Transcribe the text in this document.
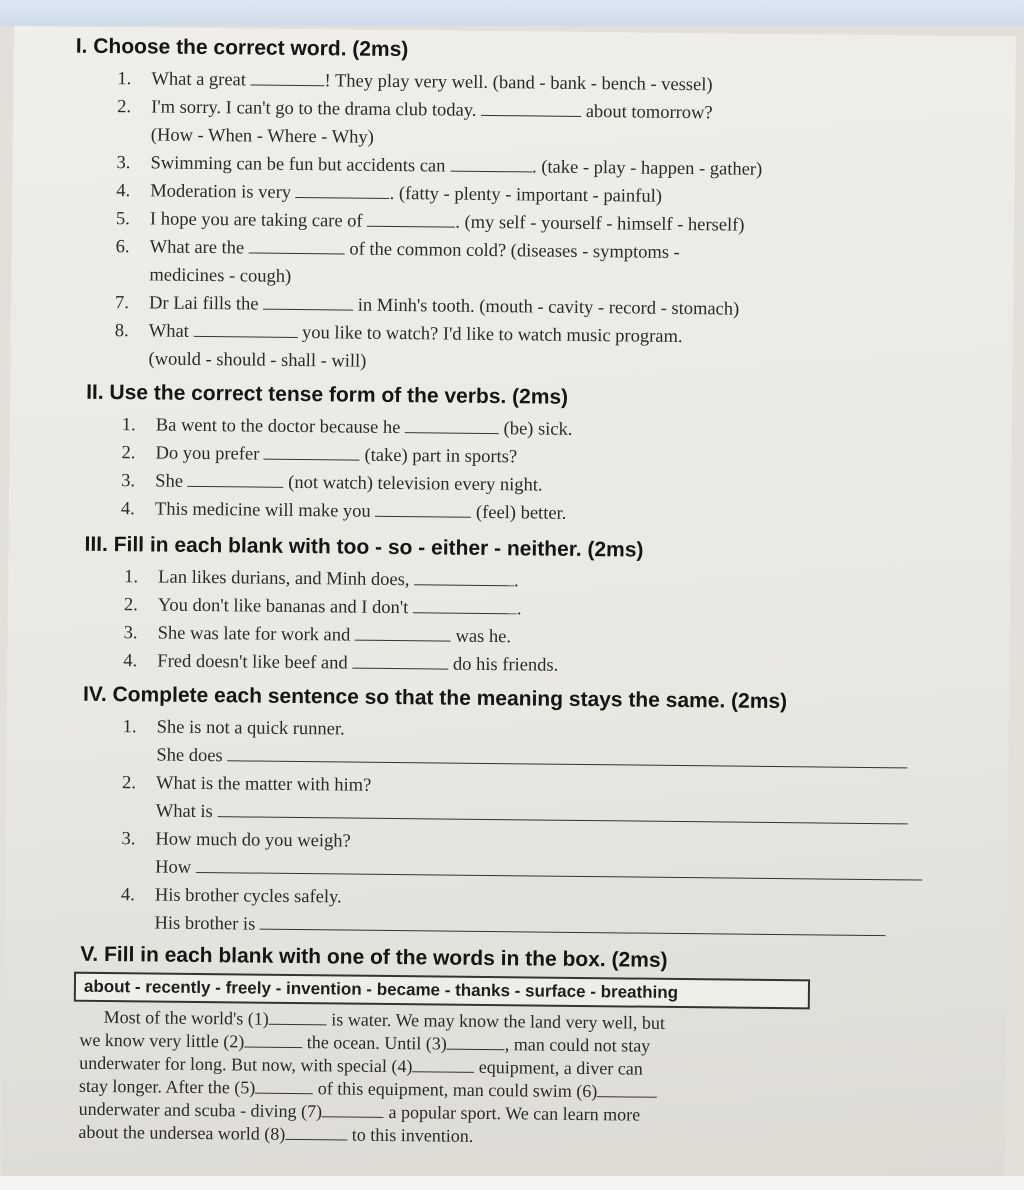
I. Choose the correct word. (2ms)
1. What a great	! They play very well. (band - bank - bench - vessel)
2. I'm sorry. I can't go to the drama club today.	about tomorrow?
(How - When - Where - Why)
3. Swimming can be fun but accidents can	. (take - play - happen - gather)
4. Moderation is very	. (fatty - plenty - important - painful)
5. I hope you are taking care of	. (my self - yourself - himself - herself)
6. What are the	of the common cold? (diseases - symptoms -
medicines - cough)
7. Dr Lai fills the	in Minh's tooth. (mouth - cavity - record - stomach)
8. What	you like to watch? I'd like to watch music program.
(would - should - shall - will)
II. Use the correct tense form of the verbs. (2ms)
1. Ba went to the doctor because he	(be) sick.
2. Do you prefer	(take) part in sports?
3. She	(not watch) television every night.
4. This medicine will make you	(feel) better.
III. Fill in each blank with too - so - either - neither. (2ms)
1. Lan likes durians, and Minh does,	.
2. You don't like bananas and I don't	.
3. She was late for work and	was he.
4. Fred doesn't like beef and	do his friends.
IV. Complete each sentence so that the meaning stays the same. (2ms)
1. She is not a quick runner.
She does
2. What is the matter with him?
What is
3. How much do you weigh?
How
4. His brother cycles safely.
His brother is
V. Fill in each blank with one of the words in the box. (2ms)
about - recently - freely - invention - became - thanks - surface - breathing
Most of the world's (1)	is water. We may know the land very well, but
we know very little (2)	the ocean. Until (3)	, man could not stay
underwater for long. But now, with special (4)	equipment, a diver can
stay longer. After the (5)	of this equipment, man could swim (6)
underwater and scuba - diving (7)	a popular sport. We can learn more
about the undersea world (8)	to this invention.
